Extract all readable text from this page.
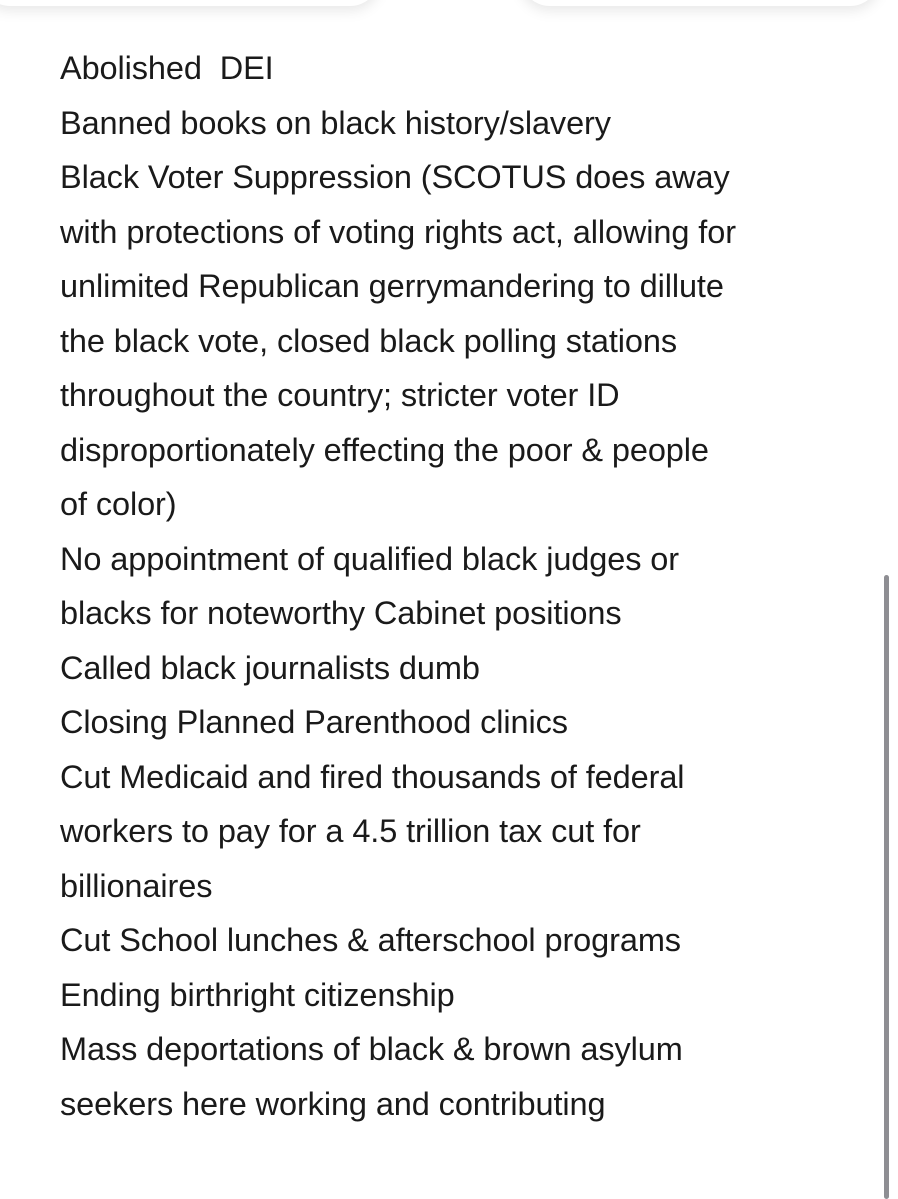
Abolished  DEI
Banned books on black history/slavery
Black Voter Suppression (SCOTUS does away
with protections of voting rights act, allowing for
unlimited Republican gerrymandering to dillute
the black vote, closed black polling stations
throughout the country; stricter voter ID
disproportionately effecting the poor & people
of color)
No appointment of qualified black judges or
blacks for noteworthy Cabinet positions
Called black journalists dumb
Closing Planned Parenthood clinics
Cut Medicaid and fired thousands of federal
workers to pay for a 4.5 trillion tax cut for
billionaires
Cut School lunches & afterschool programs
Ending birthright citizenship
Mass deportations of black & brown asylum
seekers here working and contributing
